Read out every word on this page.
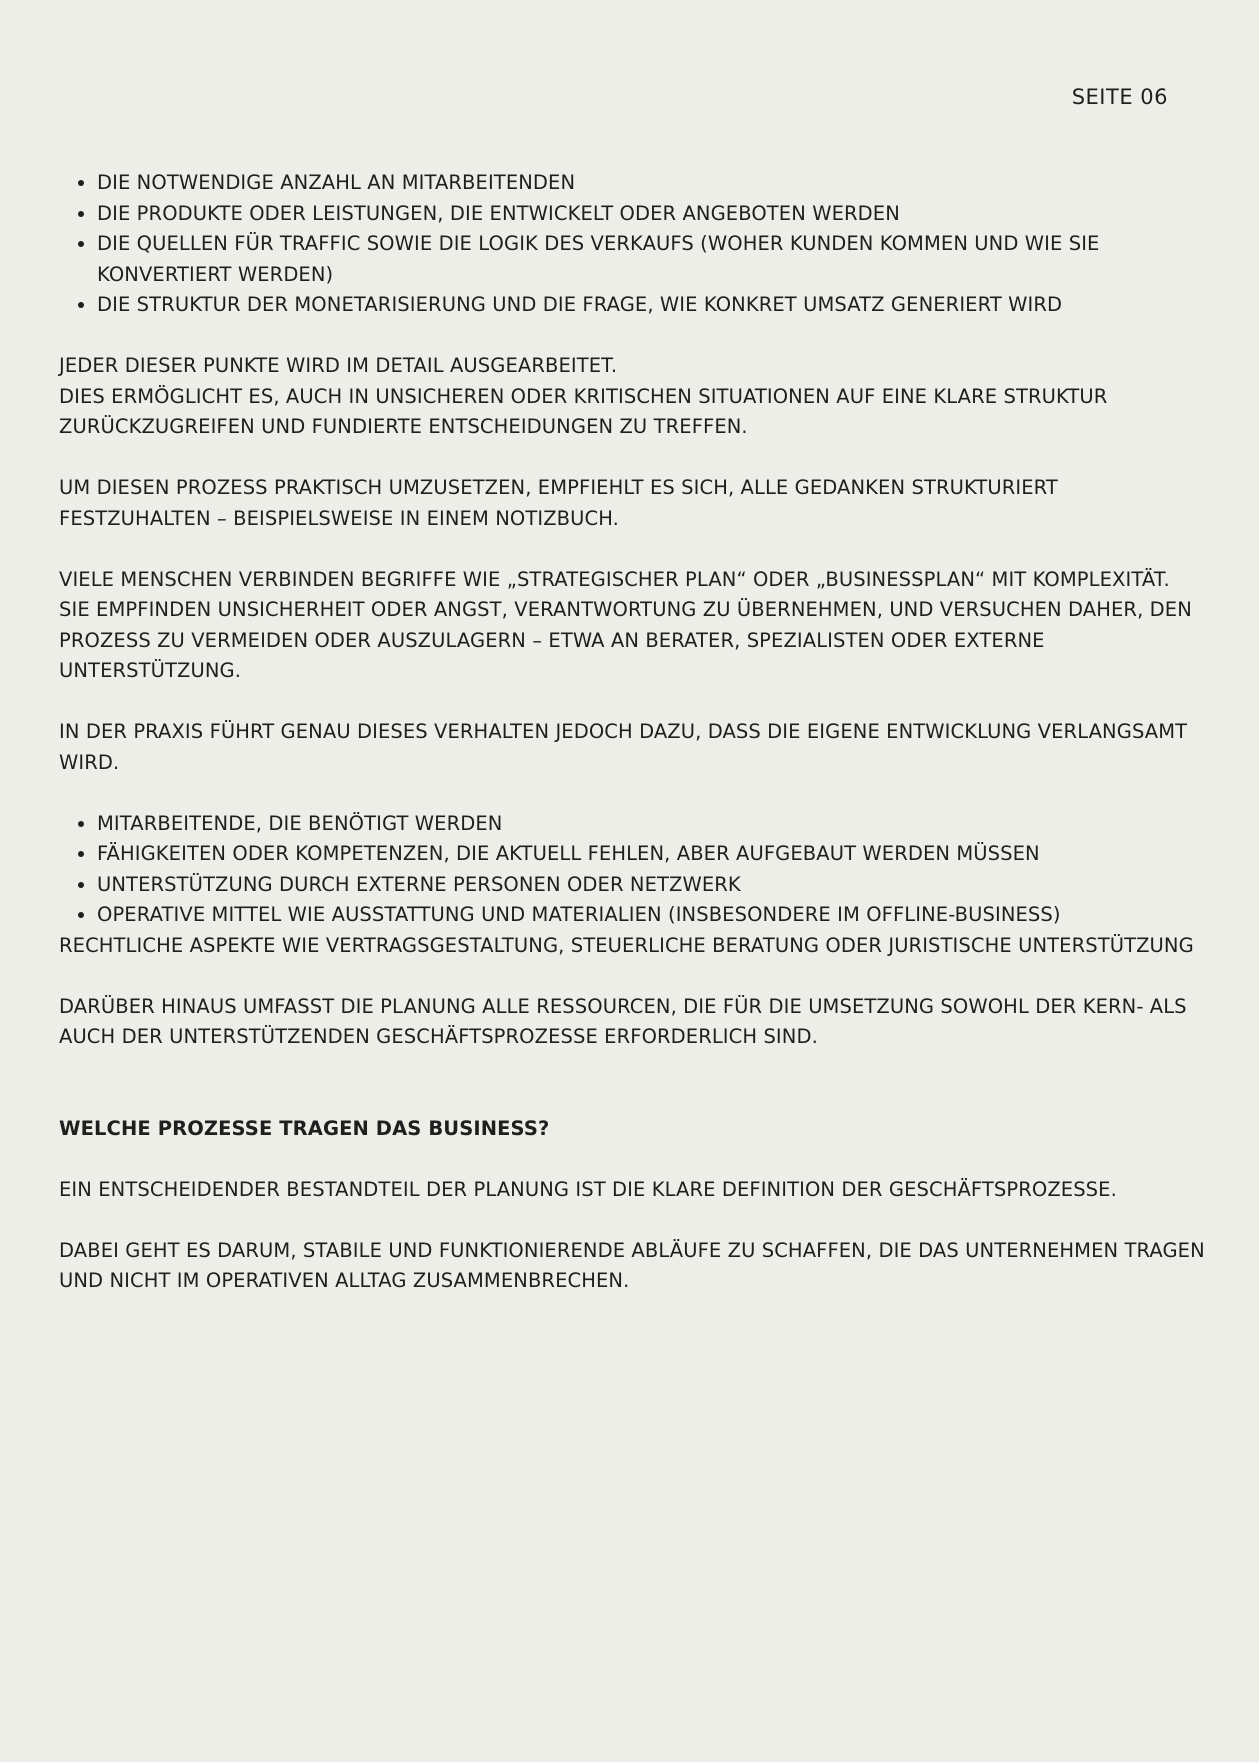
SEITE 06

• DIE NOTWENDIGE ANZAHL AN MITARBEITENDEN
• DIE PRODUKTE ODER LEISTUNGEN, DIE ENTWICKELT ODER ANGEBOTEN WERDEN
• DIE QUELLEN FÜR TRAFFIC SOWIE DIE LOGIK DES VERKAUFS (WOHER KUNDEN KOMMEN UND WIE SIE KONVERTIERT WERDEN)
• DIE STRUKTUR DER MONETARISIERUNG UND DIE FRAGE, WIE KONKRET UMSATZ GENERIERT WIRD

JEDER DIESER PUNKTE WIRD IM DETAIL AUSGEARBEITET.
DIES ERMÖGLICHT ES, AUCH IN UNSICHEREN ODER KRITISCHEN SITUATIONEN AUF EINE KLARE STRUKTUR ZURÜCKZUGREIFEN UND FUNDIERTE ENTSCHEIDUNGEN ZU TREFFEN.

UM DIESEN PROZESS PRAKTISCH UMZUSETZEN, EMPFIEHLT ES SICH, ALLE GEDANKEN STRUKTURIERT FESTZUHALTEN – BEISPIELSWEISE IN EINEM NOTIZBUCH.

VIELE MENSCHEN VERBINDEN BEGRIFFE WIE „STRATEGISCHER PLAN“ ODER „BUSINESSPLAN“ MIT KOMPLEXITÄT.
SIE EMPFINDEN UNSICHERHEIT ODER ANGST, VERANTWORTUNG ZU ÜBERNEHMEN, UND VERSUCHEN DAHER, DEN PROZESS ZU VERMEIDEN ODER AUSZULAGERN – ETWA AN BERATER, SPEZIALISTEN ODER EXTERNE UNTERSTÜTZUNG.

IN DER PRAXIS FÜHRT GENAU DIESES VERHALTEN JEDOCH DAZU, DASS DIE EIGENE ENTWICKLUNG VERLANGSAMT WIRD.

• MITARBEITENDE, DIE BENÖTIGT WERDEN
• FÄHIGKEITEN ODER KOMPETENZEN, DIE AKTUELL FEHLEN, ABER AUFGEBAUT WERDEN MÜSSEN
• UNTERSTÜTZUNG DURCH EXTERNE PERSONEN ODER NETZWERK
• OPERATIVE MITTEL WIE AUSSTATTUNG UND MATERIALIEN (INSBESONDERE IM OFFLINE-BUSINESS)

RECHTLICHE ASPEKTE WIE VERTRAGSGESTALTUNG, STEUERLICHE BERATUNG ODER JURISTISCHE UNTERSTÜTZUNG

DARÜBER HINAUS UMFASST DIE PLANUNG ALLE RESSOURCEN, DIE FÜR DIE UMSETZUNG SOWOHL DER KERN- ALS AUCH DER UNTERSTÜTZENDEN GESCHÄFTSPROZESSE ERFORDERLICH SIND.

WELCHE PROZESSE TRAGEN DAS BUSINESS?

EIN ENTSCHEIDENDER BESTANDTEIL DER PLANUNG IST DIE KLARE DEFINITION DER GESCHÄFTSPROZESSE.

DABEI GEHT ES DARUM, STABILE UND FUNKTIONIERENDE ABLÄUFE ZU SCHAFFEN, DIE DAS UNTERNEHMEN TRAGEN UND NICHT IM OPERATIVEN ALLTAG ZUSAMMENBRECHEN.
